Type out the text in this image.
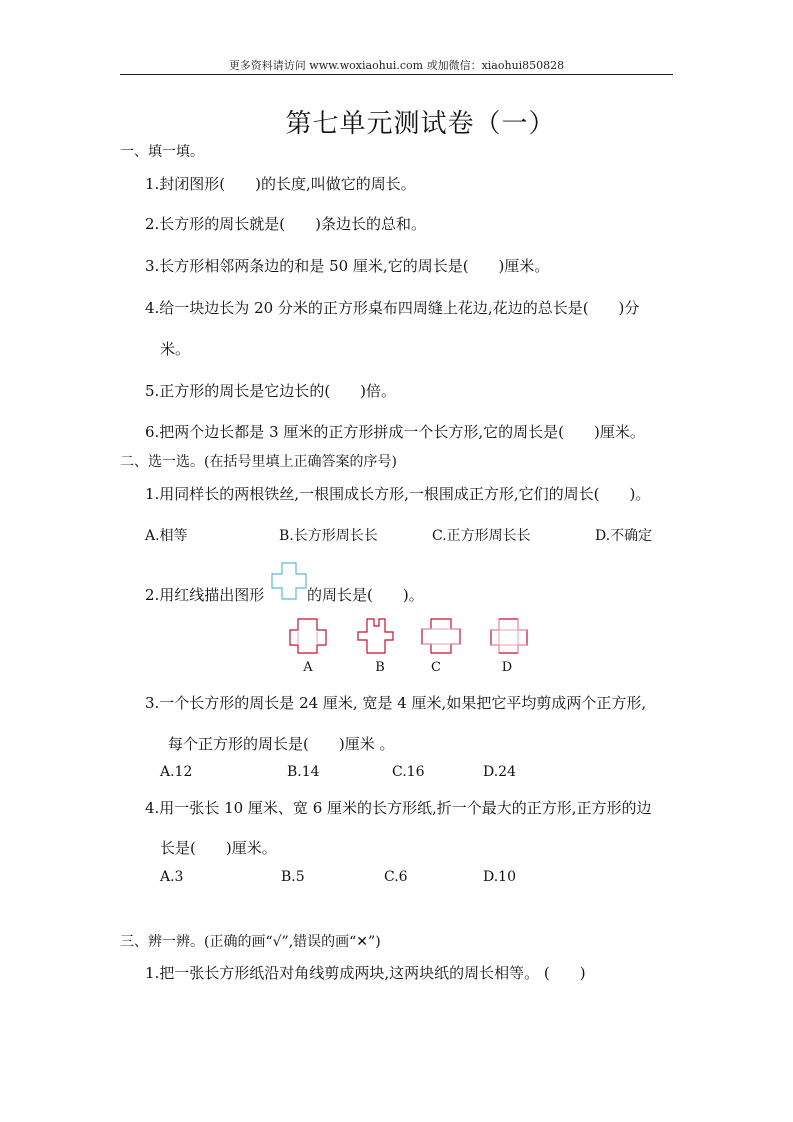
更多资料请访问 www.woxiaohui.com 或加微信：xiaohui850828
第七单元测试卷（一）
一、填一填。
1.封闭图形(　　)的长度,叫做它的周长。
2.长方形的周长就是(　　)条边长的总和。
3.长方形相邻两条边的和是 50 厘米,它的周长是(　　)厘米。
4.给一块边长为 20 分米的正方形桌布四周缝上花边,花边的总长是(　　)分
米。
5.正方形的周长是它边长的(　　)倍。
6.把两个边长都是 3 厘米的正方形拼成一个长方形,它的周长是(　　)厘米。
二、选一选。(在括号里填上正确答案的序号)
1.用同样长的两根铁丝,一根围成长方形,一根围成正方形,它们的周长(　　)。
A.相等	B.长方形周长长	C.正方形周长长	D.不确定
2.用红线描出图形	的周长是(　　)。
A	B	C	D
3.一个长方形的周长是 24 厘米, 宽是 4 厘米,如果把它平均剪成两个正方形,
每个正方形的周长是(　　)厘米 。
A.12	B.14	C.16	D.24
4.用一张长 10 厘米、宽 6 厘米的长方形纸,折一个最大的正方形,正方形的边
长是(　　)厘米。
A.3	B.5	C.6	D.10
三、辨一辨。(正确的画“√”,错误的画“✕”)
1.把一张长方形纸沿对角线剪成两块,这两块纸的周长相等。 (　　)
